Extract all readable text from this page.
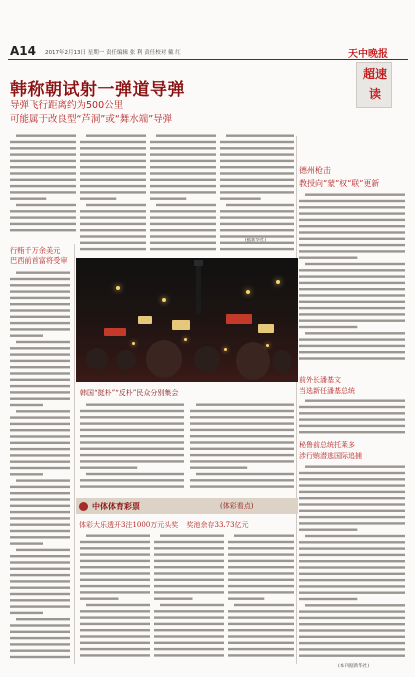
A14 2017年2月13日 星期一 责任编辑 张 利 责任校对 戴 红	天中晚报
超速读
韩称朝试射一弹道导弹
导弹飞行距离约为500公里
可能属于改良型“芦洞”或“舞水端”导弹
(据新华社)
德州枪击
教授向“蒙”权“联”更新
前外长潘基文
当选新任潘基总统
秘鲁前总统托莱多
涉行贿潜逃国际追捕
行贿千万余美元
巴西前首富将受审
韩国“挺朴”“反朴”民众分别集会
中体体育彩票	(体彩看点)
体彩大乐透开3注1000万元头奖 奖池余存33.73亿元
(本刊据新华社)
